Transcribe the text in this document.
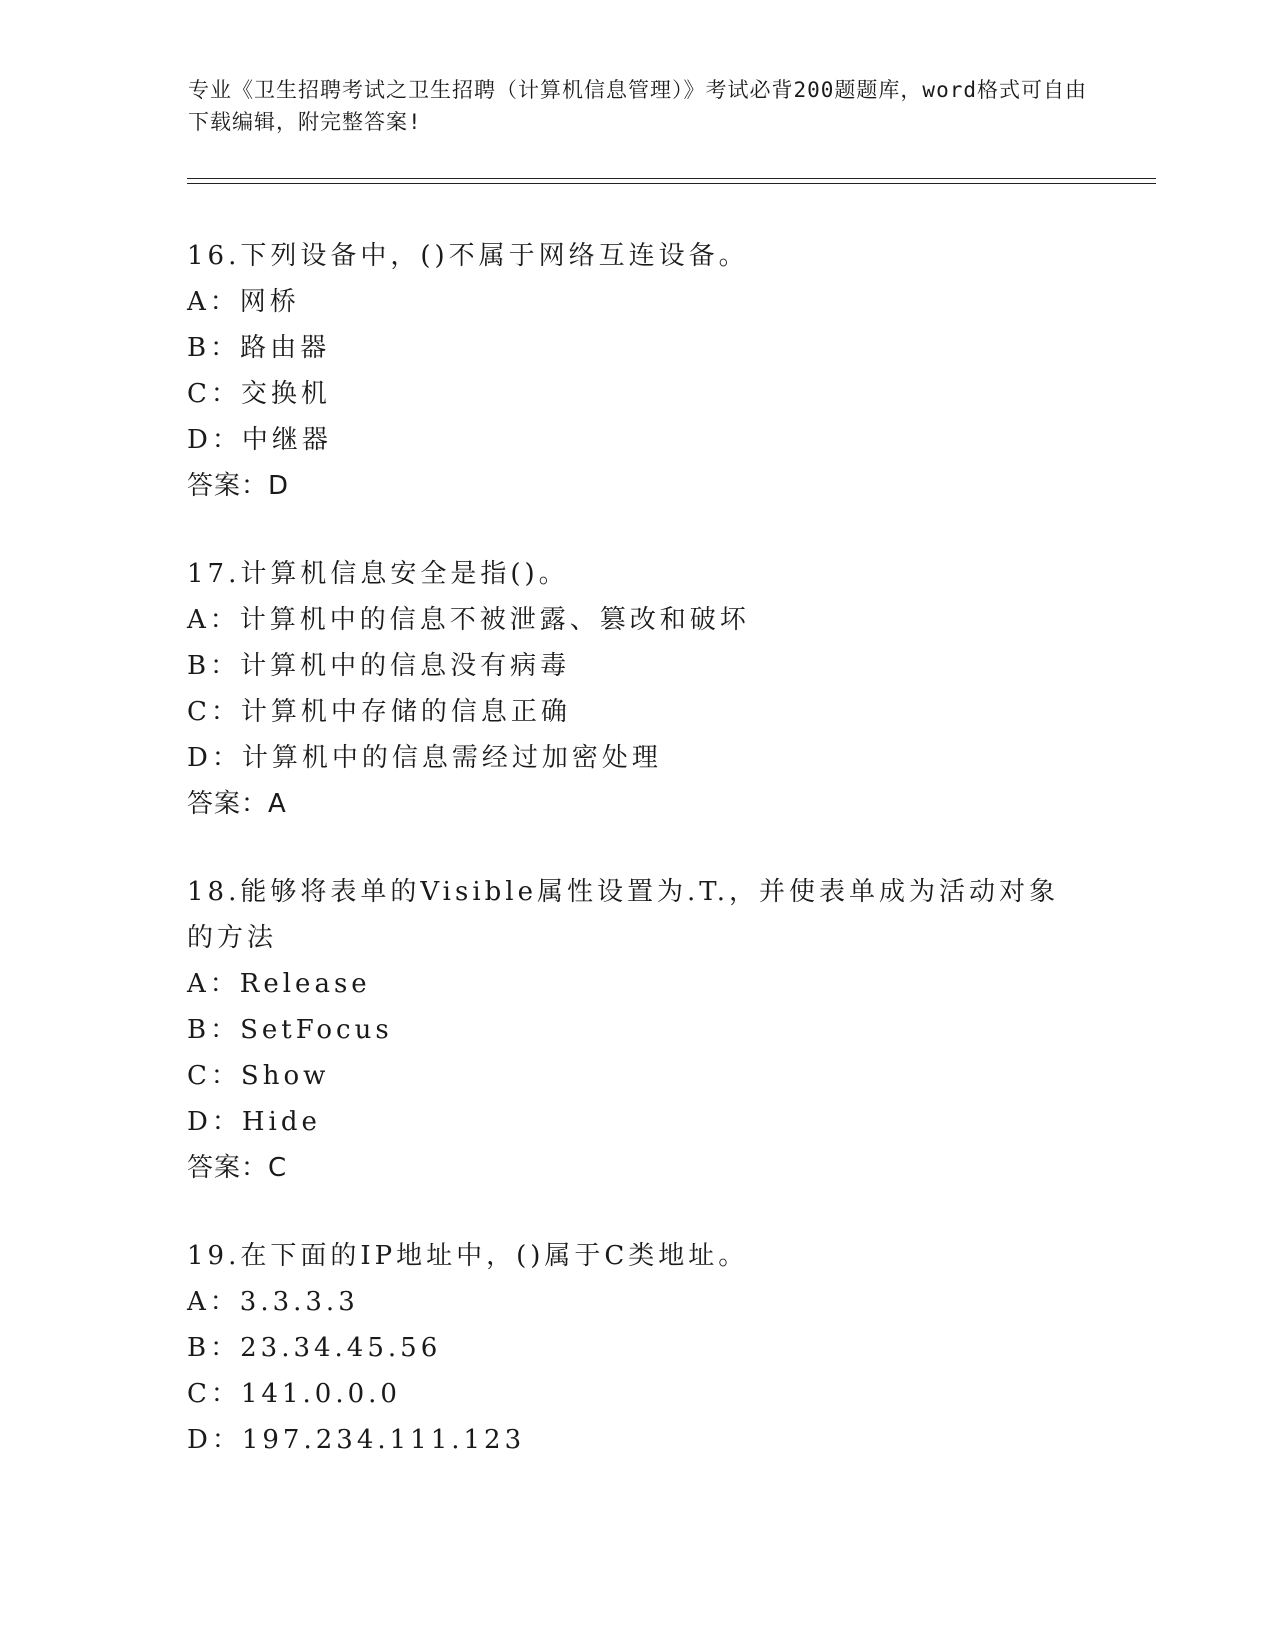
专业《卫生招聘考试之卫生招聘（计算机信息管理）》考试必背200题题库，word格式可自由下载编辑，附完整答案!
16.下列设备中，()不属于网络互连设备。
A：网桥
B：路由器
C：交换机
D：中继器
答案：D
17.计算机信息安全是指()。
A：计算机中的信息不被泄露、篡改和破坏
B：计算机中的信息没有病毒
C：计算机中存储的信息正确
D：计算机中的信息需经过加密处理
答案：A
18.能够将表单的Visible属性设置为.T.，并使表单成为活动对象的方法
A：Release
B：SetFocus
C：Show
D：Hide
答案：C
19.在下面的IP地址中，()属于C类地址。
A：3.3.3.3
B：23.34.45.56
C：141.0.0.0
D：197.234.111.123
